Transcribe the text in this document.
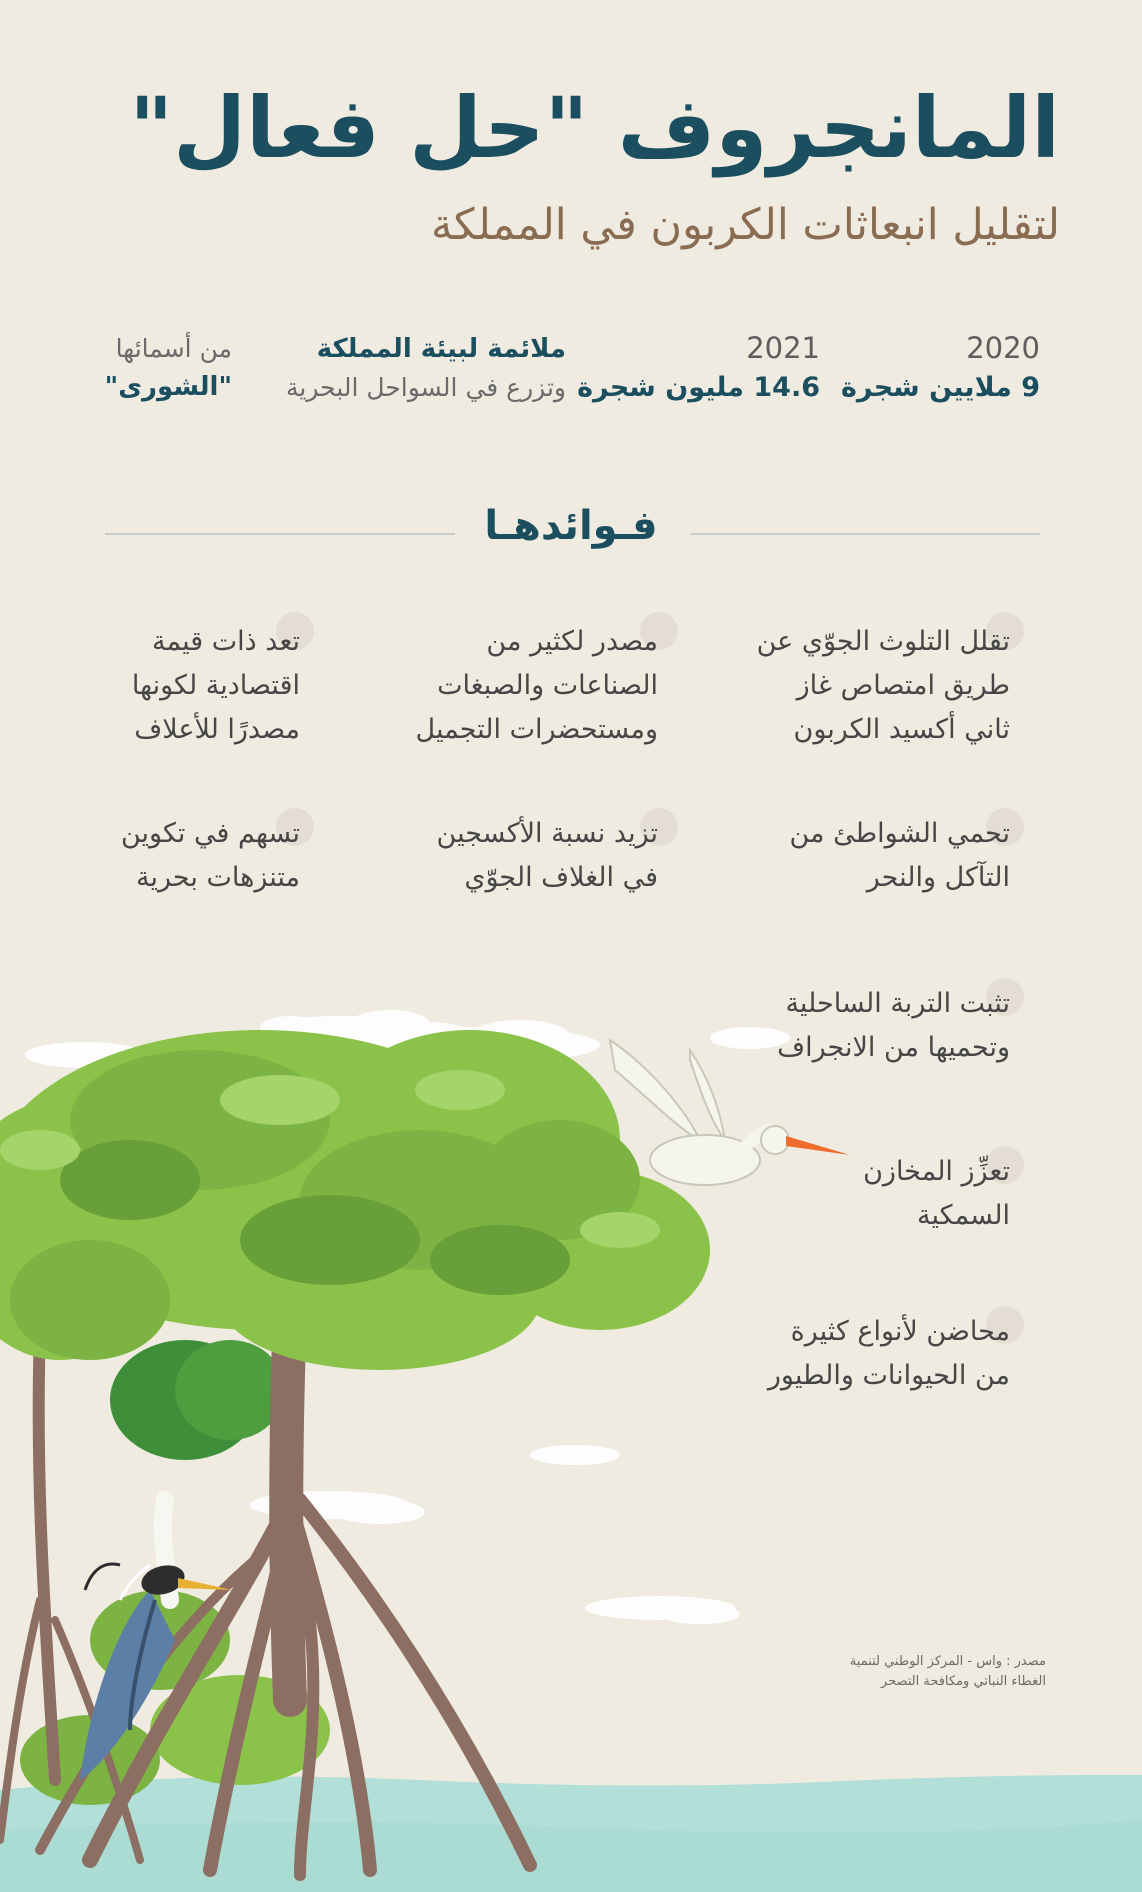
المانجروف "حل فعال"
لتقليل انبعاثات الكربون في المملكة
2020
9 ملايين شجرة
2021
14.6 مليون شجرة
ملائمة لبيئة المملكة
وتزرع في السواحل البحرية
من أسمائها
"الشورى"
فـوائدهـا
تقلل التلوث الجوّي عن
طريق امتصاص غاز
ثاني أكسيد الكربون
مصدر لكثير من
الصناعات والصبغات
ومستحضرات التجميل
تعد ذات قيمة
اقتصادية لكونها
مصدرًا للأعلاف
تحمي الشواطئ من
التآكل والنحر
تزيد نسبة الأكسجين
في الغلاف الجوّي
تسهم في تكوين
متنزهات بحرية
تثبت التربة الساحلية
وتحميها من الانجراف
تعزِّز المخازن
السمكية
محاضن لأنواع كثيرة
من الحيوانات والطيور
مصدر : واس - المركز الوطني لتنمية
الغطاء النباتي ومكافحة التصحر
